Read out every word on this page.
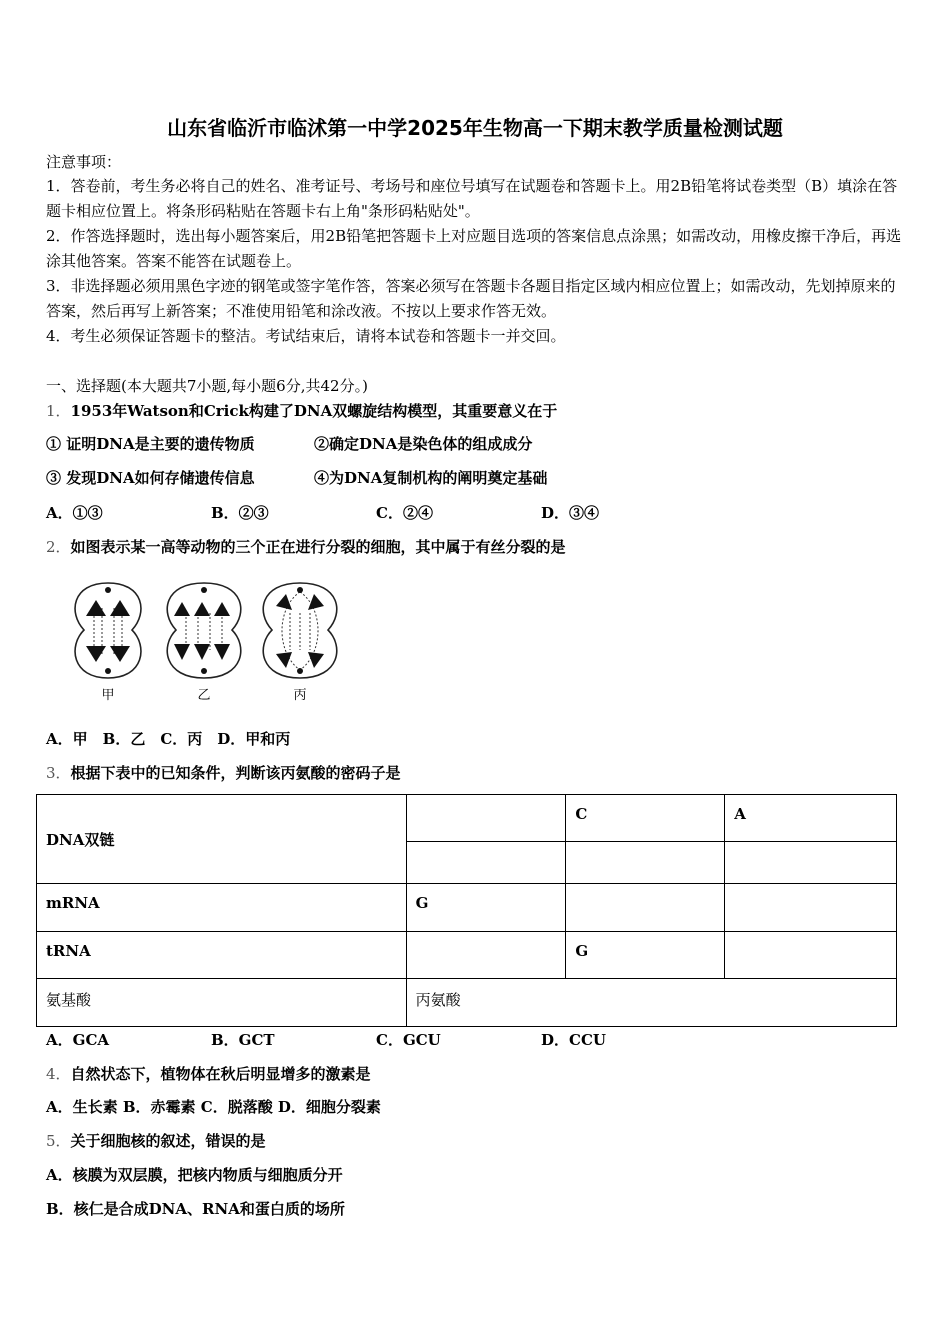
山东省临沂市临沭第一中学2025年生物高一下期末教学质量检测试题
注意事项：
1．答卷前，考生务必将自己的姓名、准考证号、考场号和座位号填写在试题卷和答题卡上。用2B铅笔将试卷类型（B）填涂在答题卡相应位置上。将条形码粘贴在答题卡右上角"条形码粘贴处"。
2．作答选择题时，选出每小题答案后，用2B铅笔把答题卡上对应题目选项的答案信息点涂黑；如需改动，用橡皮擦干净后，再选涂其他答案。答案不能答在试题卷上。
3．非选择题必须用黑色字迹的钢笔或签字笔作答，答案必须写在答题卡各题目指定区域内相应位置上；如需改动，先划掉原来的答案，然后再写上新答案；不准使用铅笔和涂改液。不按以上要求作答无效。
4．考生必须保证答题卡的整洁。考试结束后，请将本试卷和答题卡一并交回。
一、选择题(本大题共7小题,每小题6分,共42分。)
1．1953年Watson和Crick构建了DNA双螺旋结构模型，其重要意义在于
① 证明DNA是主要的遗传物质	②确定DNA是染色体的组成成分
③ 发现DNA如何存储遗传信息	④为DNA复制机构的阐明奠定基础
A．①③	B．②③	C．②④	D．③④
2．如图表示某一高等动物的三个正在进行分裂的细胞，其中属于有丝分裂的是
甲	乙	丙
A．甲　B．乙　C．丙　D．甲和丙
3．根据下表中的已知条件，判断该丙氨酸的密码子是
DNA双链		C	A

mRNA	G		
tRNA		G	
氨基酸	丙氨酸		
A．GCA	B．GCT	C．GCU	D．CCU
4．自然状态下，植物体在秋后明显增多的激素是
A．生长素 B．赤霉素 C．脱落酸 D．细胞分裂素
5．关于细胞核的叙述，错误的是
A．核膜为双层膜，把核内物质与细胞质分开
B．核仁是合成DNA、RNA和蛋白质的场所
